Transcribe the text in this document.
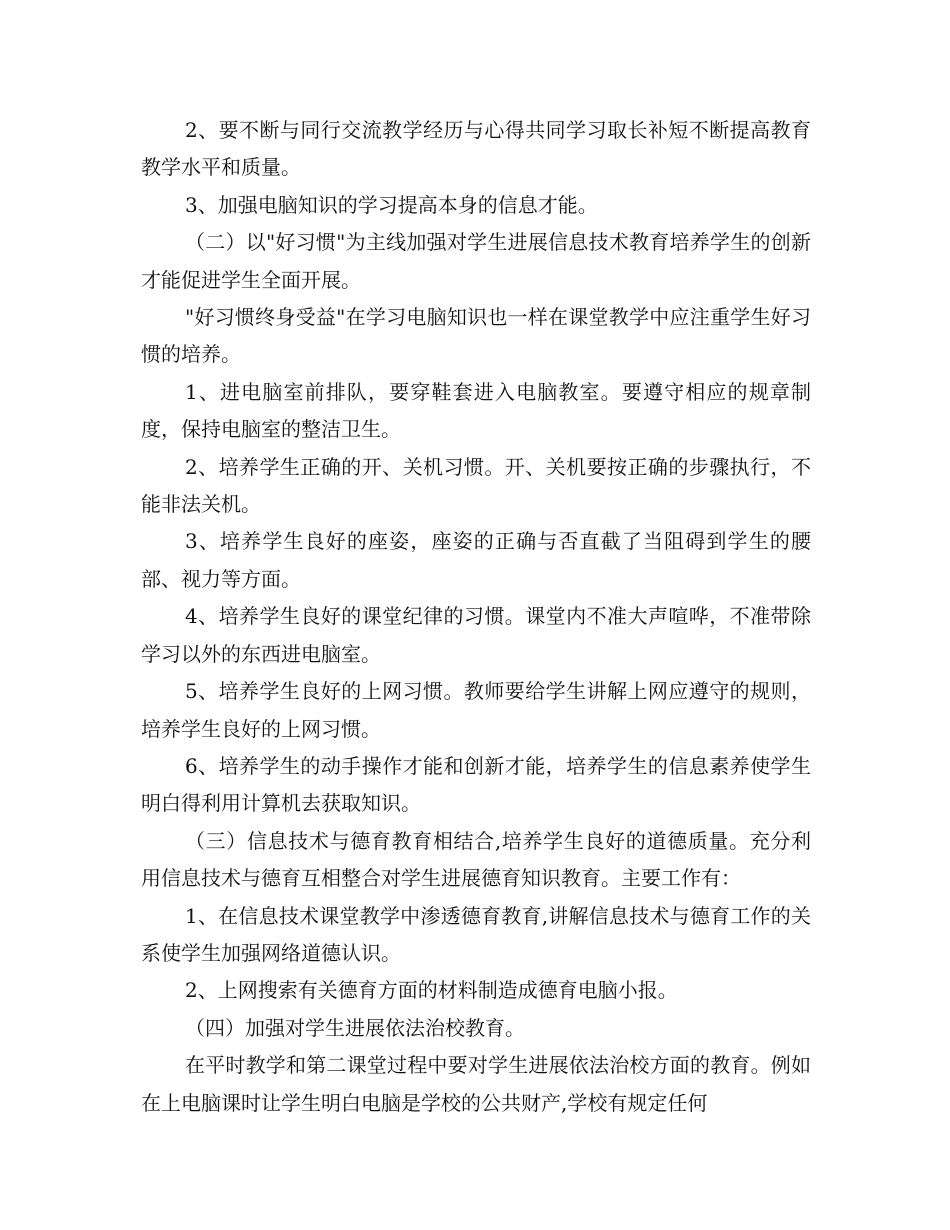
2、要不断与同行交流教学经历与心得共同学习取长补短不断提高教育教学水平和质量。

3、加强电脑知识的学习提高本身的信息才能。

（二）以"好习惯"为主线加强对学生进展信息技术教育培养学生的创新才能促进学生全面开展。

"好习惯终身受益"在学习电脑知识也一样在课堂教学中应注重学生好习惯的培养。

1、进电脑室前排队，要穿鞋套进入电脑教室。要遵守相应的规章制度，保持电脑室的整洁卫生。

2、培养学生正确的开、关机习惯。开、关机要按正确的步骤执行，不能非法关机。

3、培养学生良好的座姿，座姿的正确与否直截了当阻碍到学生的腰部、视力等方面。

4、培养学生良好的课堂纪律的习惯。课堂内不准大声喧哗，不准带除学习以外的东西进电脑室。

5、培养学生良好的上网习惯。教师要给学生讲解上网应遵守的规则，培养学生良好的上网习惯。

6、培养学生的动手操作才能和创新才能，培养学生的信息素养使学生明白得利用计算机去获取知识。

（三）信息技术与德育教育相结合,培养学生良好的道德质量。充分利用信息技术与德育互相整合对学生进展德育知识教育。主要工作有：

1、在信息技术课堂教学中渗透德育教育,讲解信息技术与德育工作的关系使学生加强网络道德认识。

2、上网搜索有关德育方面的材料制造成德育电脑小报。

（四）加强对学生进展依法治校教育。

在平时教学和第二课堂过程中要对学生进展依法治校方面的教育。例如在上电脑课时让学生明白电脑是学校的公共财产,学校有规定任何
